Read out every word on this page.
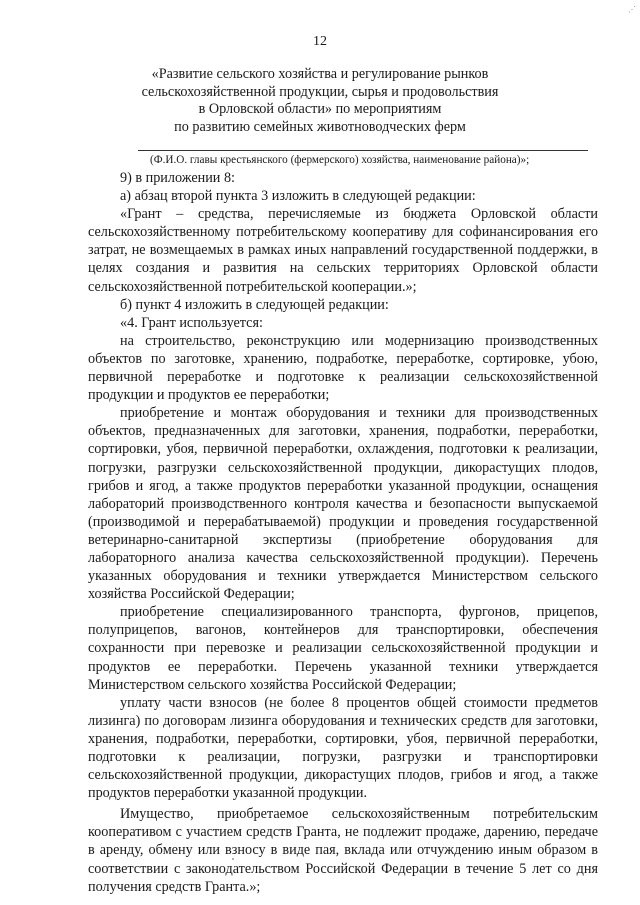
⋰
12
«Развитие сельского хозяйства и регулирование рынков
сельскохозяйственной продукции, сырья и продовольствия
в Орловской области» по мероприятиям
по развитию семейных животноводческих ферм
(Ф.И.О. главы крестьянского (фермерского) хозяйства, наименование района)»;

9) в приложении 8:

а) абзац второй пункта 3 изложить в следующей редакции:

«Грант – средства, перечисляемые из бюджета Орловской области сельскохозяйственному потребительскому кооперативу для софинансирования его затрат, не возмещаемых в рамках иных направлений государственной поддержки, в целях создания и развития на сельских территориях Орловской области сельскохозяйственной потребительской кооперации.»;

б) пункт 4 изложить в следующей редакции:

«4. Грант используется:

на строительство, реконструкцию или модернизацию производственных объектов по заготовке, хранению, подработке, переработке, сортировке, убою, первичной переработке и подготовке к реализации сельскохозяйственной продукции и продуктов ее переработки;

приобретение и монтаж оборудования и техники для производственных объектов, предназначенных для заготовки, хранения, подработки, переработки, сортировки, убоя, первичной переработки, охлаждения, подготовки к реализации, погрузки, разгрузки сельскохозяйственной продукции, дикорастущих плодов, грибов и ягод, а также продуктов переработки указанной продукции, оснащения лабораторий производственного контроля качества и безопасности выпускаемой (производимой и перерабатываемой) продукции и проведения государственной ветеринарно-санитарной экспертизы (приобретение оборудования для лабораторного анализа качества сельскохозяйственной продукции). Перечень указанных оборудования и техники утверждается Министерством сельского хозяйства Российской Федерации;

приобретение специализированного транспорта, фургонов, прицепов, полуприцепов, вагонов, контейнеров для транспортировки, обеспечения сохранности при перевозке и реализации сельскохозяйственной продукции и продуктов ее переработки. Перечень указанной техники утверждается Министерством сельского хозяйства Российской Федерации;

уплату части взносов (не более 8 процентов общей стоимости предметов лизинга) по договорам лизинга оборудования и технических средств для заготовки, хранения, подработки, переработки, сортировки, убоя, первичной переработки, подготовки к реализации, погрузки, разгрузки и транспортировки сельскохозяйственной продукции, дикорастущих плодов, грибов и ягод, а также продуктов переработки указанной продукции.

Имущество, приобретаемое сельскохозяйственным потребительским кооперативом с участием средств Гранта, не подлежит продаже, дарению, передаче в аренду, обмену или взносу в виде пая, вклада или отчуждению иным образом в соответствии с законодательством Российской Федерации в течение 5 лет со дня получения средств Гранта.»;
